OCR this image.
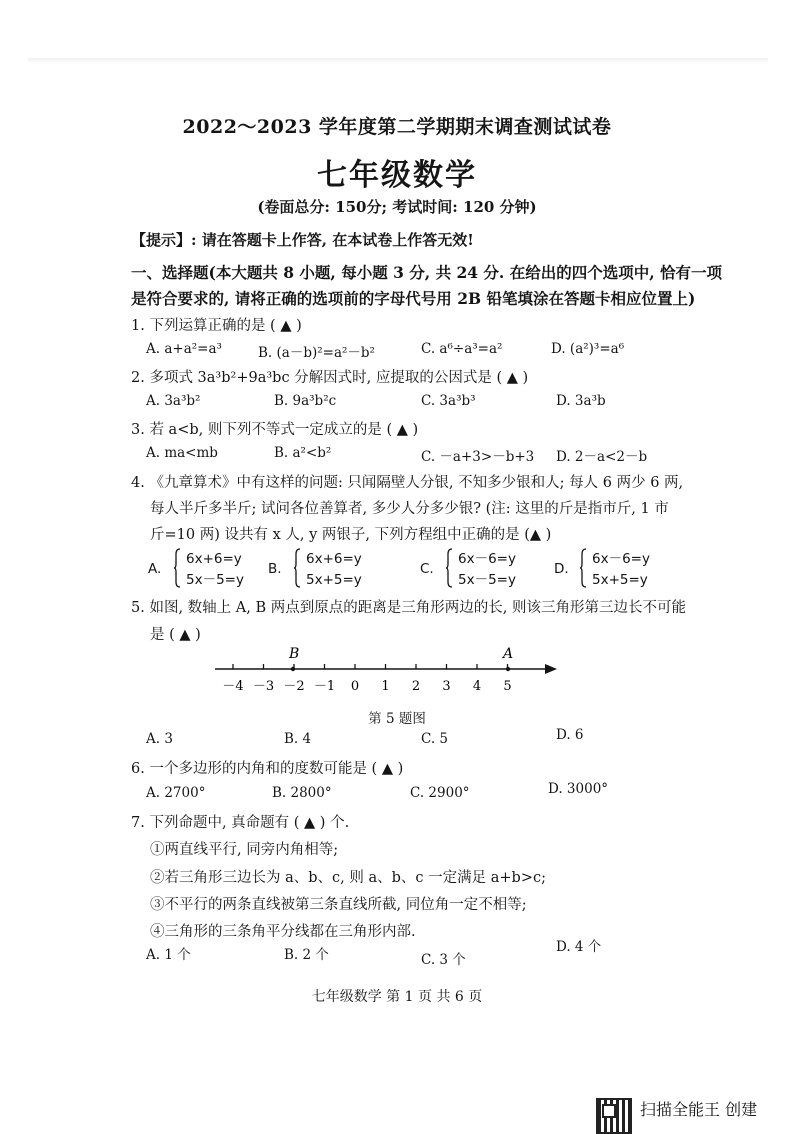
2022～2023 学年度第二学期期末调查测试试卷
七年级数学
(卷面总分: 150分; 考试时间: 120 分钟)
【提示】: 请在答题卡上作答, 在本试卷上作答无效!
一、选择题(本大题共 8 小题, 每小题 3 分, 共 24 分. 在给出的四个选项中, 恰有一项
是符合要求的, 请将正确的选项前的字母代号用 2B 铅笔填涂在答题卡相应位置上)
1. 下列运算正确的是 ( ▲ )
A. a+a²=a³	B. (a－b)²=a²－b²	C. a⁶÷a³=a²	D. (a²)³=a⁶
2. 多项式 3a³b²+9a³bc 分解因式时, 应提取的公因式是 ( ▲ )
A. 3a³b²	B. 9a³b²c	C. 3a³b³	D. 3a³b
3. 若 a<b, 则下列不等式一定成立的是 ( ▲ )
A. ma<mb	B. a²<b²	C. －a+3>－b+3 D. 2－a<2－b
4. 《九章算术》中有这样的问题: 只闻隔壁人分银, 不知多少银和人; 每人 6 两少 6 两,
每人半斤多半斤; 试问各位善算者, 多少人分多少银? (注: 这里的斤是指市斤, 1 市
斤=10 两) 设共有 x 人, y 两银子, 下列方程组中正确的是 (▲ )
A.
6x+6=y
5x－5=y
B.
6x+6=y
5x+5=y
C.
6x－6=y
5x－5=y
D.
6x－6=y
5x+5=y
5. 如图, 数轴上 A, B 两点到原点的距离是三角形两边的长, 则该三角形第三边长不可能
是 ( ▲ )
－4 －3 －2 －1 0 1 2 3 4 5
B	A
第 5 题图
A. 3	B. 4	C. 5	D. 6
6. 一个多边形的内角和的度数可能是 ( ▲ )
A. 2700°	B. 2800°	C. 2900°	D. 3000°
7. 下列命题中, 真命题有 ( ▲ ) 个.
①两直线平行, 同旁内角相等;
②若三角形三边长为 a、b、c, 则 a、b、c 一定满足 a+b>c;
③不平行的两条直线被第三条直线所截, 同位角一定不相等;
④三角形的三条角平分线都在三角形内部.
A. 1 个	B. 2 个	C. 3 个
D. 4 个
七年级数学 第 1 页 共 6 页
扫描全能王 创建
